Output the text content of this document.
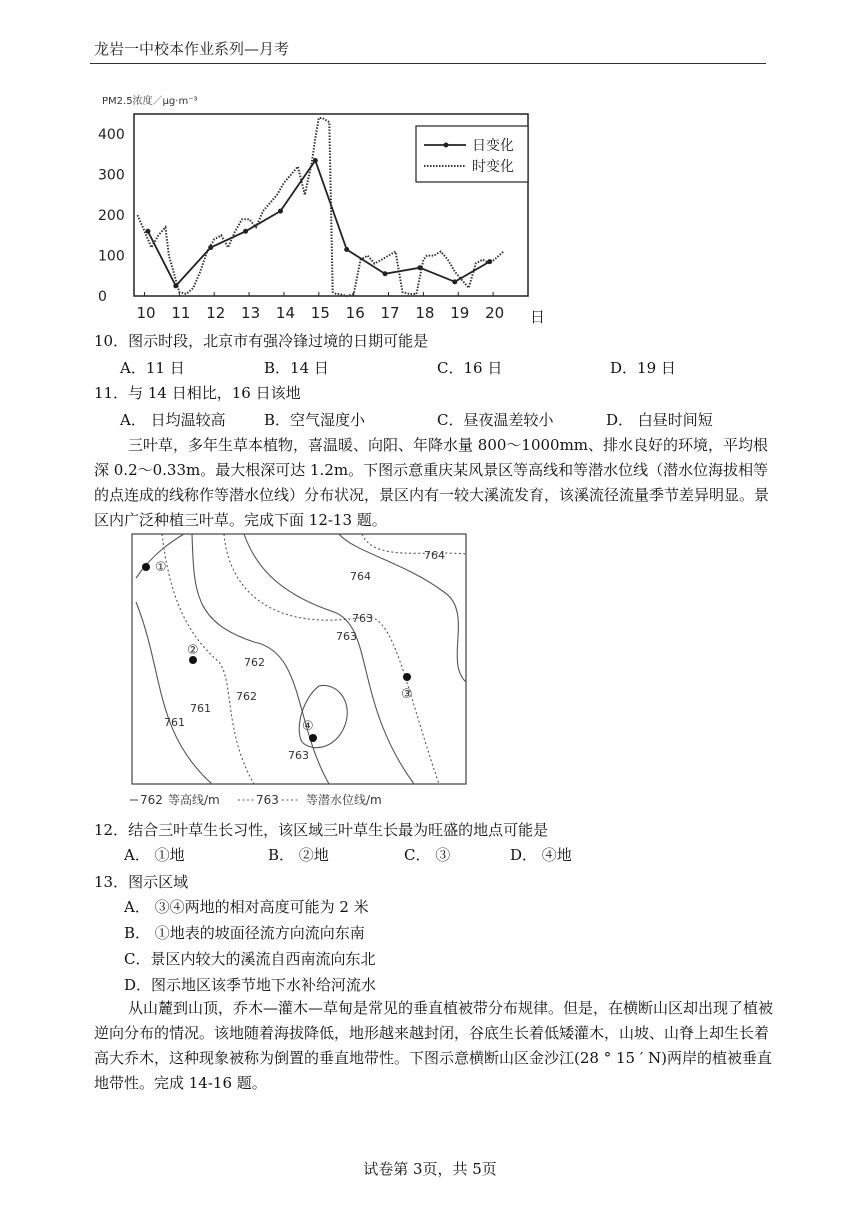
龙岩一中校本作业系列—月考
PM2.5浓度／μg·m⁻³
0
100
200
300
400
10 11 12 13 14 15 16 17 18 19 20
日变化
时变化
日
10．图示时段，北京市有强冷锋过境的日期可能是
A．11 日	B．14 日	C．16 日	D．19 日
11．与 14 日相比，16 日该地
A． 日均温较高	B．空气湿度小	C．昼夜温差较小	D． 白昼时间短
三叶草，多年生草本植物，喜温暖、向阳、年降水量 800～1000mm、排水良好的环境，平均根深 0.2～0.33m。最大根深可达 1.2m。下图示意重庆某风景区等高线和等潜水位线（潜水位海拔相等的点连成的线称作等潜水位线）分布状况，景区内有一较大溪流发育，该溪流径流量季节差异明显。景区内广泛种植三叶草。完成下面 12-13 题。
①
②
③
④
764
764
763
763
762
762
761
761
763
762 等高线/m	763 等潜水位线/m
12．结合三叶草生长习性，该区域三叶草生长最为旺盛的地点可能是
A． ①地	B． ②地	C． ③	D． ④地
13．图示区域
A． ③④两地的相对高度可能为 2 米
B． ①地表的坡面径流方向流向东南
C．景区内较大的溪流自西南流向东北
D．图示地区该季节地下水补给河流水
从山麓到山顶，乔木—灌木—草甸是常见的垂直植被带分布规律。但是，在横断山区却出现了植被逆向分布的情况。该地随着海拔降低，地形越来越封闭，谷底生长着低矮灌木，山坡、山脊上却生长着高大乔木，这种现象被称为倒置的垂直地带性。下图示意横断山区金沙江(28 ° 15 ′ N)两岸的植被垂直地带性。完成 14-16 题。
试卷第 3页，共 5页
